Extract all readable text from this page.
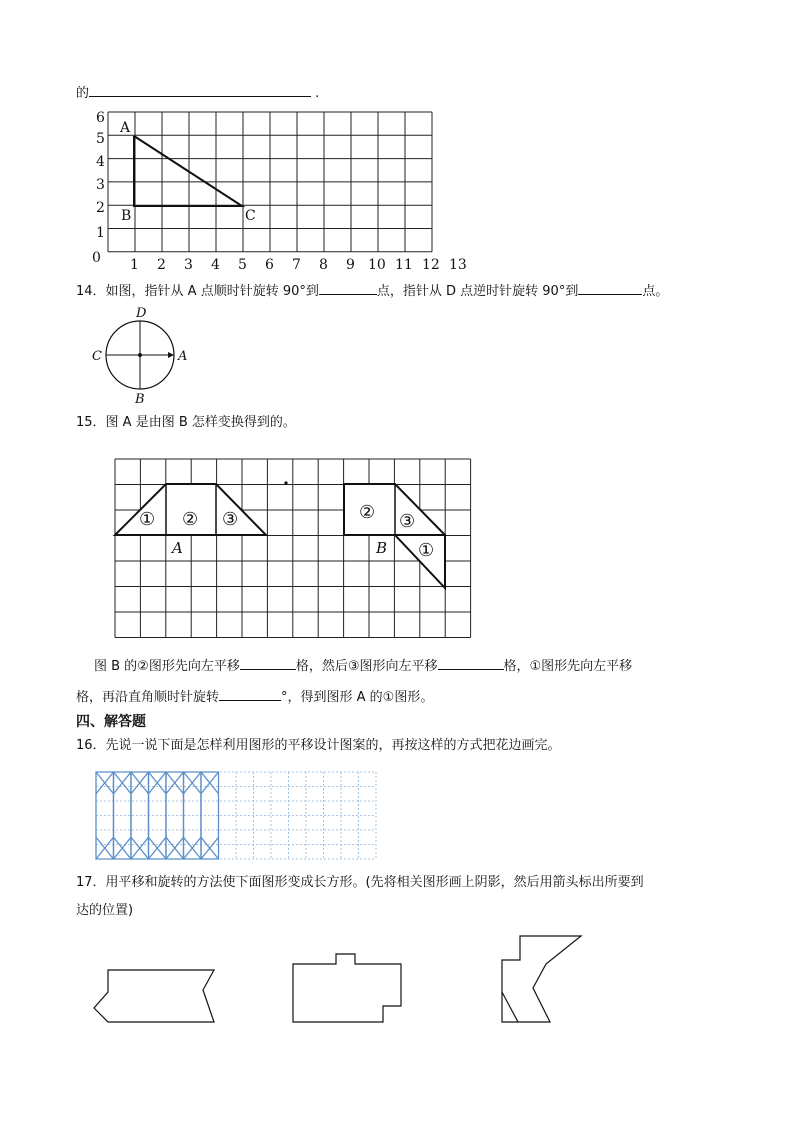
的	.
0
1
2
3
4
5
6
1 2 3 4 5 6 7 8 9 10 11 12 13
A
B	C
14．如图，指针从 A 点顺时针旋转 90°到	点，指针从 D 点逆时针旋转 90°到	点。
D
C	A
B
15．图 A 是由图 B 怎样变换得到的。
① ② ③	② ③
①
A	B
图 B 的②图形先向左平移	格，然后③图形向左平移	格，①图形先向左平移
格，再沿直角顺时针旋转	°，得到图形 A 的①图形。
四、解答题
16．先说一说下面是怎样利用图形的平移设计图案的，再按这样的方式把花边画完。
17．用平移和旋转的方法使下面图形变成长方形。(先将相关图形画上阴影，然后用箭头标出所要到
达的位置)
